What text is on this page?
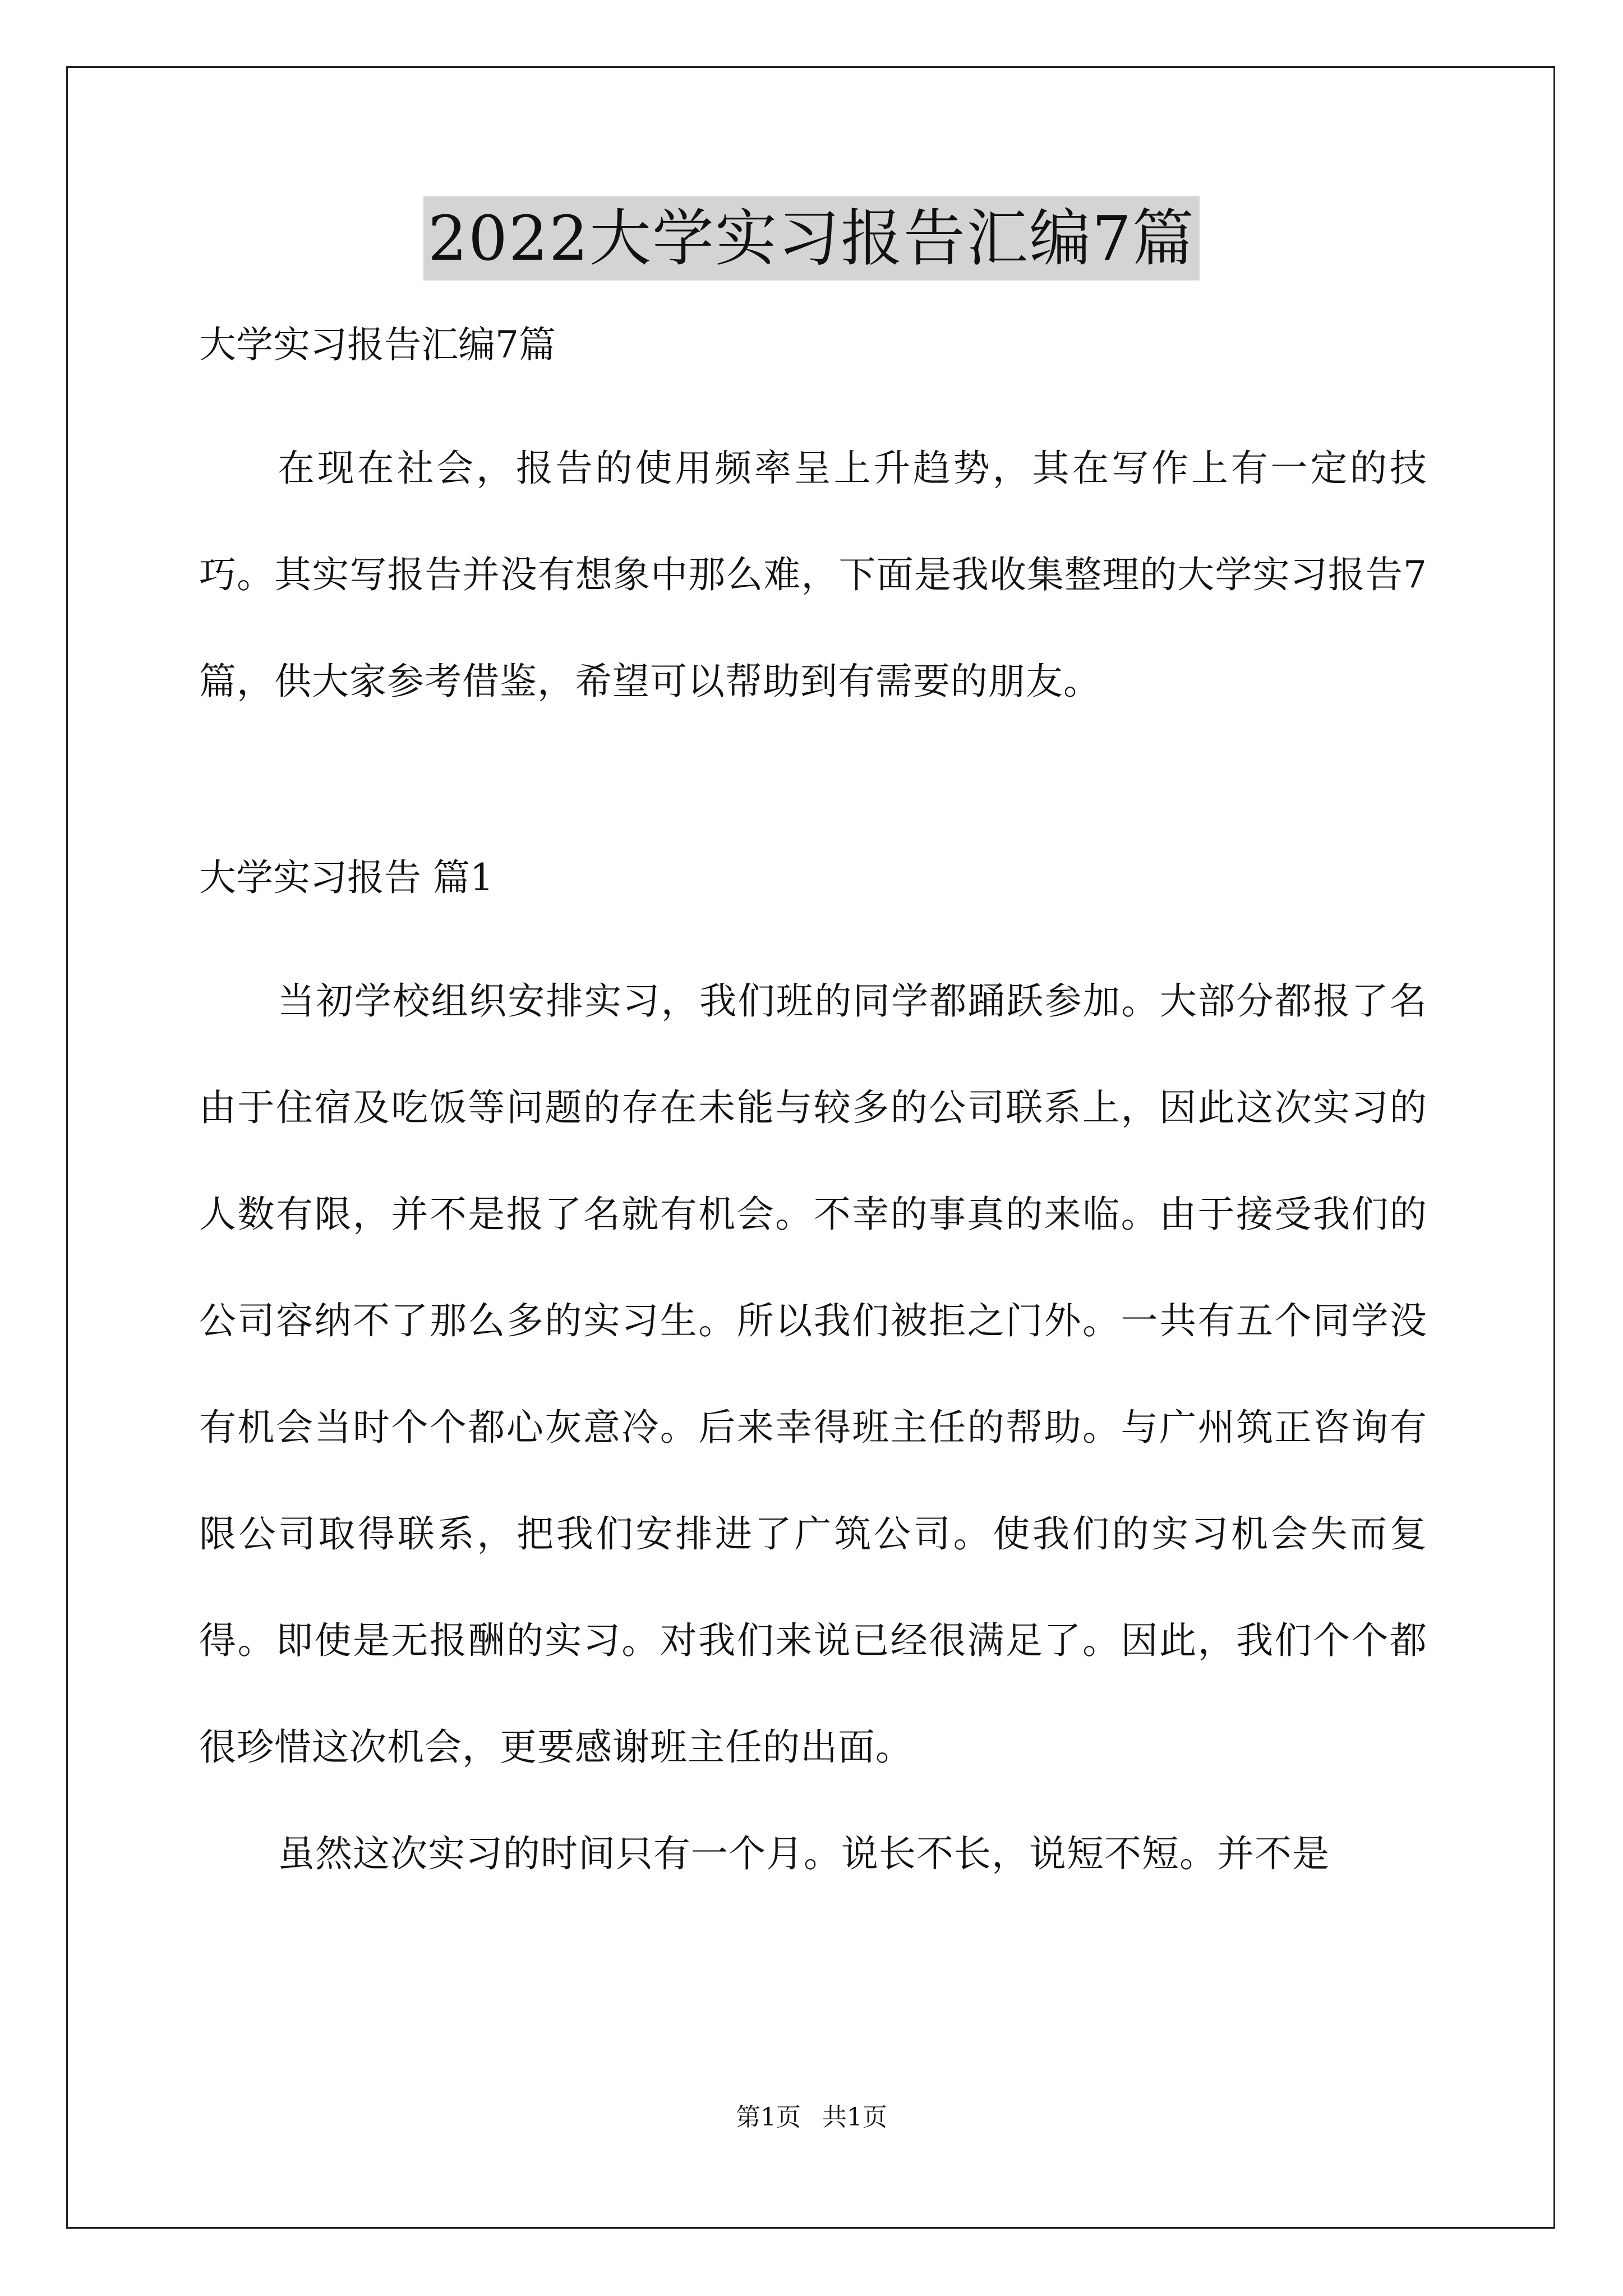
2022大学实习报告汇编7篇

大学实习报告汇编7篇

在现在社会，报告的使用频率呈上升趋势，其在写作上有一定的技巧。其实写报告并没有想象中那么难，下面是我收集整理的大学实习报告7篇，供大家参考借鉴，希望可以帮助到有需要的朋友。

大学实习报告 篇1

当初学校组织安排实习，我们班的同学都踊跃参加。大部分都报了名由于住宿及吃饭等问题的存在未能与较多的公司联系上，因此这次实习的人数有限，并不是报了名就有机会。不幸的事真的来临。由于接受我们的公司容纳不了那么多的实习生。所以我们被拒之门外。一共有五个同学没有机会当时个个都心灰意冷。后来幸得班主任的帮助。与广州筑正咨询有限公司取得联系，把我们安排进了广筑公司。使我们的实习机会失而复得。即使是无报酬的实习。对我们来说已经很满足了。因此，我们个个都很珍惜这次机会，更要感谢班主任的出面。

虽然这次实习的时间只有一个月。说长不长，说短不短。并不是

第1页 共1页
